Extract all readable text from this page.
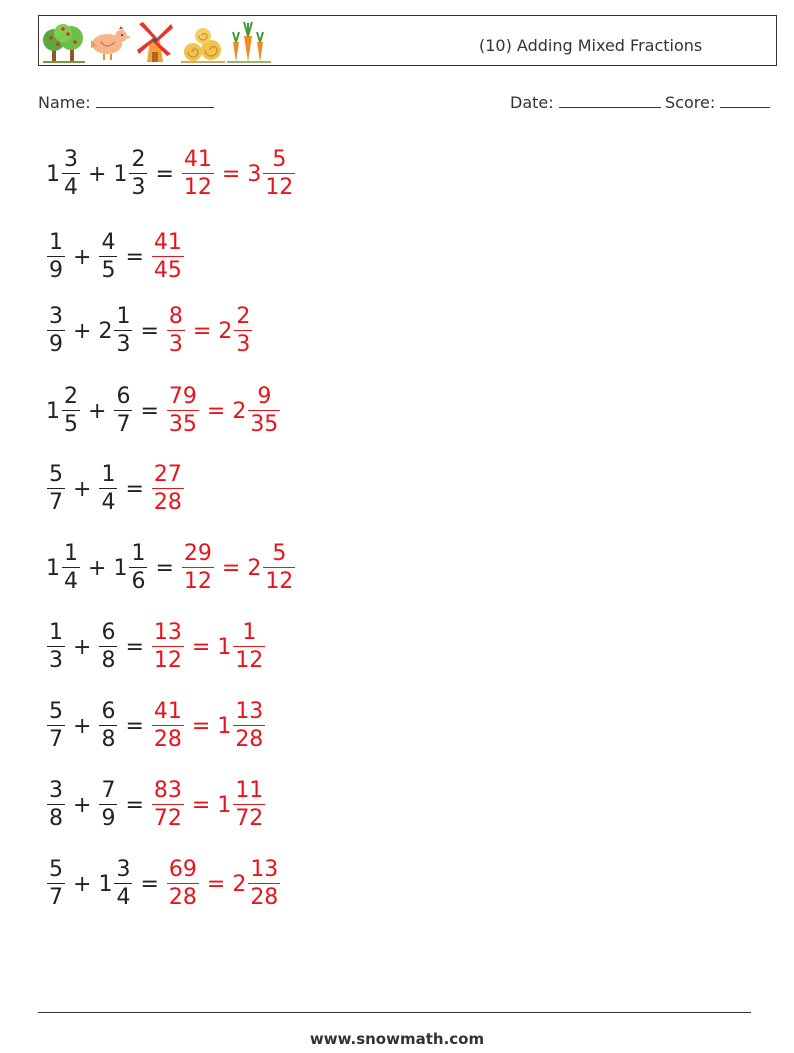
(10) Adding Mixed Fractions
Name:	Date:	Score:
$1 \frac{3}{4} + 1 \frac{2}{3} = \frac{41}{12} = 3 \frac{5}{12}$
$\frac{1}{9} + \frac{4}{5} = \frac{41}{45}$
$\frac{3}{9} + 2 \frac{1}{3} = \frac{8}{3} = 2 \frac{2}{3}$
$1 \frac{2}{5} + \frac{6}{7} = \frac{79}{35} = 2 \frac{9}{35}$
$\frac{5}{7} + \frac{1}{4} = \frac{27}{28}$
$1 \frac{1}{4} + 1 \frac{1}{6} = \frac{29}{12} = 2 \frac{5}{12}$
$\frac{1}{3} + \frac{6}{8} = \frac{13}{12} = 1 \frac{1}{12}$
$\frac{5}{7} + \frac{6}{8} = \frac{41}{28} = 1 \frac{13}{28}$
$\frac{3}{8} + \frac{7}{9} = \frac{83}{72} = 1 \frac{11}{72}$
$\frac{5}{7} + 1 \frac{3}{4} = \frac{69}{28} = 2 \frac{13}{28}$
www.snowmath.com
